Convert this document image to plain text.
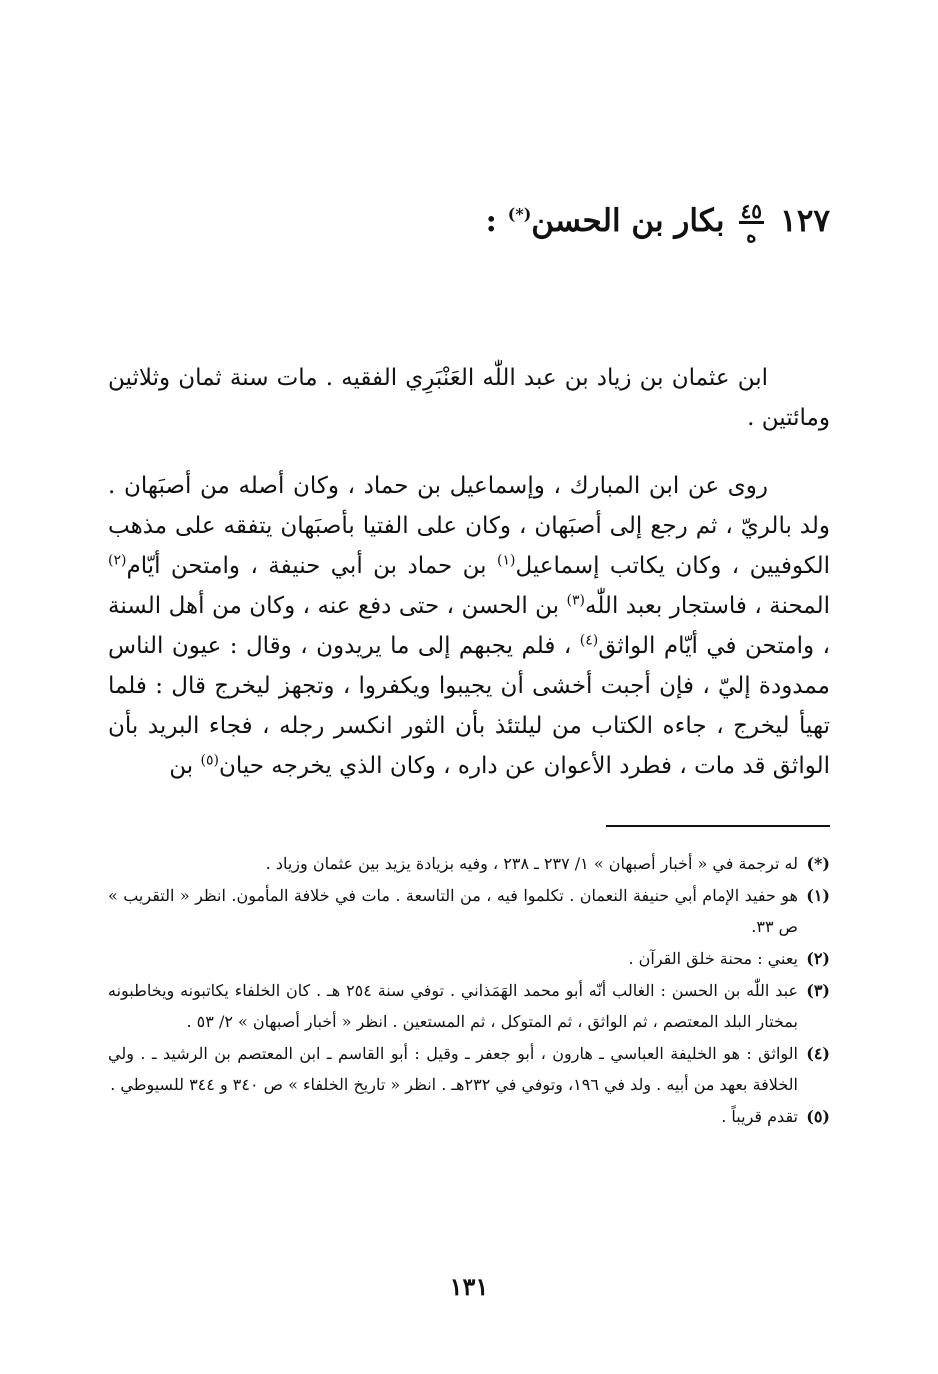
١٢٧
٤٥
ه
بكار بن الحسن(*) :

ابن عثمان بن زياد بن عبد اللّٰه العَنْبَرِي الفقيه . مات سنة ثمان وثلاثين ومائتين .

روى عن ابن المبارك ، وإسماعيل بن حماد ، وكان أصله من أصبَهان . ولد بالريّ ، ثم رجع إلى أصبَهان ، وكان على الفتيا بأصبَهان يتفقه على مذهب الكوفيين ، وكان يكاتب إسماعيل$^{(١)}$ بن حماد بن أبي حنيفة ، وامتحن أيّام$^{(٢)}$ المحنة ، فاستجار بعبد اللّٰه$^{(٣)}$ بن الحسن ، حتى دفع عنه ، وكان من أهل السنة ، وامتحن في أيّام الواثق$^{(٤)}$ ، فلم يجبهم إلى ما يريدون ، وقال : عيون الناس ممدودة إليّ ، فإن أجبت أخشى أن يجيبوا ويكفروا ، وتجهز ليخرج قال : فلما تهيأ ليخرج ، جاءه الكتاب من ليلتئذ بأن الثور انكسر رجله ، فجاء البريد بأن الواثق قد مات ، فطرد الأعوان عن داره ، وكان الذي يخرجه حيان$^{(٥)}$ بن

(*)
له ترجمة في « أخبار أصبهان » ١/ ٢٣٧ ـ ٢٣٨ ، وفيه بزيادة يزيد بين عثمان وزياد .
(١)
هو حفيد الإمام أبي حنيفة النعمان . تكلموا فيه ، من التاسعة . مات في خلافة المأمون. انظر « التقريب » ص ٣٣.
(٢)
يعني : محنة خلق القرآن .
(٣)
عبد اللّٰه بن الحسن : الغالب أنّه أبو محمد الهَمَذاني . توفي سنة ٢٥٤ هـ . كان الخلفاء يكاتبونه ويخاطبونه بمختار البلد المعتصم ، ثم الواثق ، ثم المتوكل ، ثم المستعين . انظر « أخبار أصبهان » ٢/ ٥٣ .
(٤)
الواثق : هو الخليفة العباسي ـ هارون ، أبو جعفر ـ وقيل : أبو القاسم ـ ابن المعتصم بن الرشيد ـ . ولي الخلافة بعهد من أبيه . ولد في ١٩٦، وتوفي في ٢٣٢هـ . انظر « تاريخ الخلفاء » ص ٣٤٠ و ٣٤٤ للسيوطي .
(٥)
تقدم قريباً .
١٣١
